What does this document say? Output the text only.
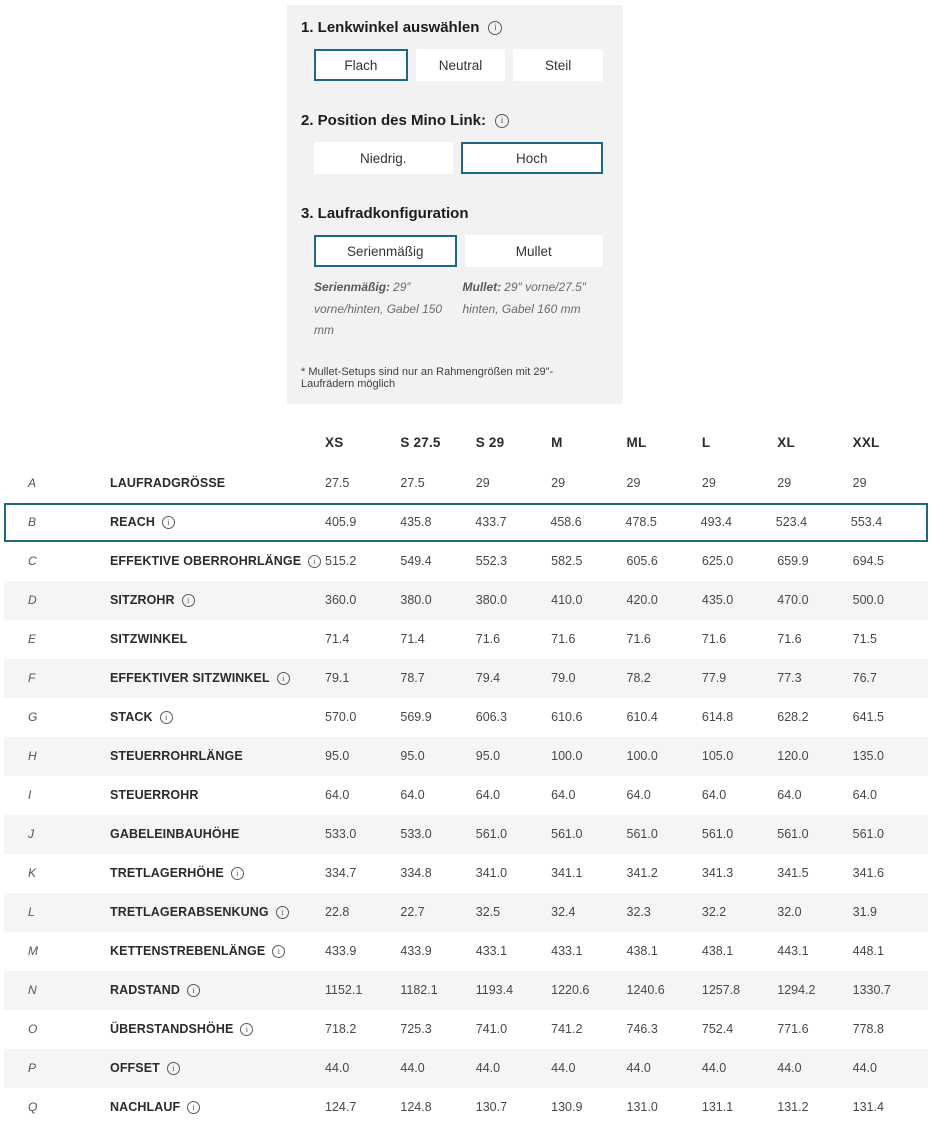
1. Lenkwinkel auswählen
i
Flach	Neutral	Steil
2. Position des Mino Link:
i
Niedrig.	Hoch
3. Laufradkonfiguration
Serienmäßig	Mullet
Serienmäßig: 29″ vorne/hinten, Gabel 150 mm
Mullet: 29″ vorne/27.5″ hinten, Gabel 160 mm
* Mullet-Setups sind nur an Rahmengrößen mit 29"-Laufrädern möglich
XS	S 27.5	S 29	M	ML	L	XL	XXL
A	LAUFRADGRÖSSE	27.5	27.5	29	29	29	29	29	29
B	REACH i	405.9	435.8	433.7	458.6	478.5	493.4	523.4	553.4
C	EFFEKTIVE OBERROHRLÄNGE i 515.2	549.4	552.3	582.5	605.6	625.0	659.9	694.5
D	SITZROHR i	360.0	380.0	380.0	410.0	420.0	435.0	470.0	500.0
E	SITZWINKEL	71.4	71.4	71.6	71.6	71.6	71.6	71.6	71.5
F	EFFEKTIVER SITZWINKEL i	79.1	78.7	79.4	79.0	78.2	77.9	77.3	76.7
G	STACK i	570.0	569.9	606.3	610.6	610.4	614.8	628.2	641.5
H	STEUERROHRLÄNGE	95.0	95.0	95.0	100.0	100.0	105.0	120.0	135.0
I	STEUERROHR	64.0	64.0	64.0	64.0	64.0	64.0	64.0	64.0
J	GABELEINBAUHÖHE	533.0	533.0	561.0	561.0	561.0	561.0	561.0	561.0
K	TRETLAGERHÖHE i	334.7	334.8	341.0	341.1	341.2	341.3	341.5	341.6
L	TRETLAGERABSENKUNG i	22.8	22.7	32.5	32.4	32.3	32.2	32.0	31.9
M	KETTENSTREBENLÄNGE i	433.9	433.9	433.1	433.1	438.1	438.1	443.1	448.1
N	RADSTAND i	1152.1	1182.1	1193.4	1220.6	1240.6	1257.8	1294.2	1330.7
O	ÜBERSTANDSHÖHE i	718.2	725.3	741.0	741.2	746.3	752.4	771.6	778.8
P	OFFSET i	44.0	44.0	44.0	44.0	44.0	44.0	44.0	44.0
Q	NACHLAUF i	124.7	124.8	130.7	130.9	131.0	131.1	131.2	131.4
